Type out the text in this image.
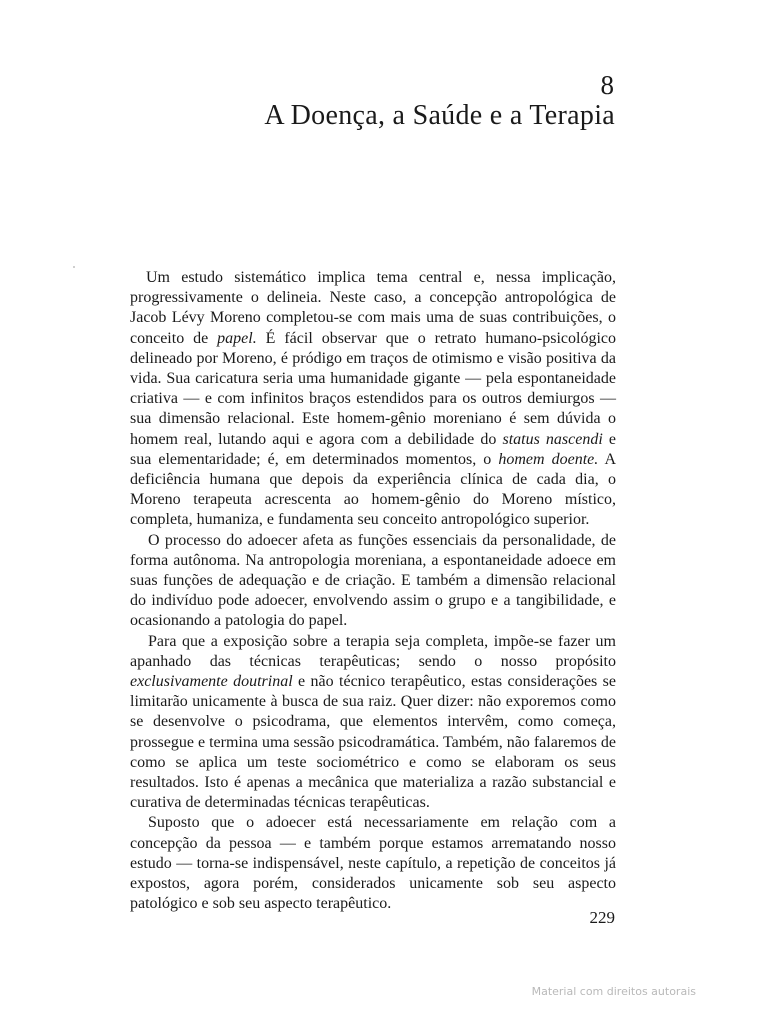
8
A Doença, a Saúde e a Terapia

Um estudo sistemático implica tema central e, nessa implicação, progressivamente o delineia. Neste caso, a concepção antropológica de Jacob Lévy Moreno completou-se com mais uma de suas contribuições, o conceito de papel. É fácil observar que o retrato humano-psicológico delineado por Moreno, é pródigo em traços de otimismo e visão positiva da vida. Sua caricatura seria uma humanidade gigante — pela espontaneidade criativa — e com infinitos braços estendidos para os outros demiurgos — sua dimensão relacional. Este homem-gênio moreniano é sem dúvida o homem real, lutando aqui e agora com a debilidade do status nascendi e sua elementaridade; é, em determinados momentos, o homem doente. A deficiência humana que depois da experiência clínica de cada dia, o Moreno terapeuta acrescenta ao homem-gênio do Moreno místico, completa, humaniza, e fundamenta seu conceito antropológico superior.

O processo do adoecer afeta as funções essenciais da personalidade, de forma autônoma. Na antropologia moreniana, a espontaneidade adoece em suas funções de adequação e de criação. E também a dimensão relacional do indivíduo pode adoecer, envolvendo assim o grupo e a tangibilidade, e ocasionando a patologia do papel.

Para que a exposição sobre a terapia seja completa, impõe-se fazer um apanhado das técnicas terapêuticas; sendo o nosso propósito exclusivamente doutrinal e não técnico terapêutico, estas considerações se limitarão unicamente à busca de sua raiz. Quer dizer: não exporemos como se desenvolve o psicodrama, que elementos intervêm, como começa, prossegue e termina uma sessão psicodramática. Também, não falaremos de como se aplica um teste sociométrico e como se elaboram os seus resultados. Isto é apenas a mecânica que materializa a razão substancial e curativa de determinadas técnicas terapêuticas.

Suposto que o adoecer está necessariamente em relação com a concepção da pessoa — e também porque estamos arrematando nosso estudo — torna-se indispensável, neste capítulo, a repetição de conceitos já expostos, agora porém, considerados unicamente sob seu aspecto patológico e sob seu aspecto terapêutico.

229
Material com direitos autorais
